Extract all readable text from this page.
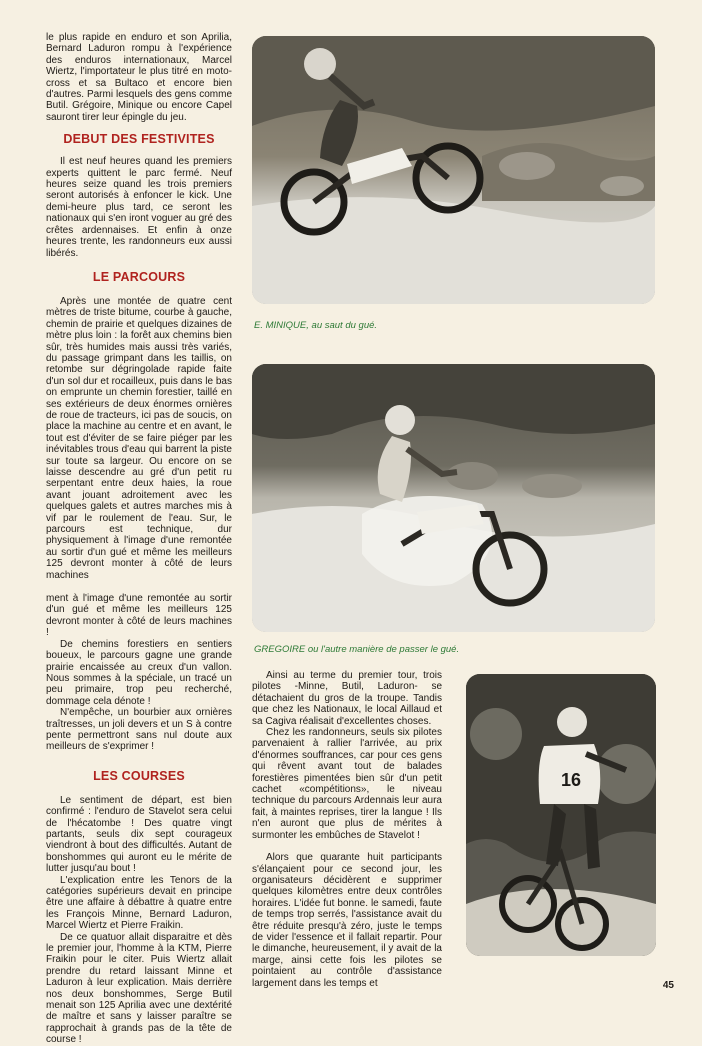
le plus rapide en enduro et son Aprilia, Bernard Laduron rompu à l'expérience des enduros internationaux, Marcel Wiertz, l'importateur le plus titré en moto-cross et sa Bultaco et encore bien d'autres. Parmi lesquels des gens comme Butil. Grégoire, Minique ou encore Capel sauront tirer leur épingle du jeu.

DEBUT DES FESTIVITES

Il est neuf heures quand les premiers experts quittent le parc fermé. Neuf heures seize quand les trois premiers seront autorisés à enfoncer le kick. Une demi-heure plus tard, ce seront les nationaux qui s'en iront voguer au gré des crêtes ardennaises. Et enfin à onze heures trente, les randonneurs eux aussi libérés.

LE PARCOURS

Après une montée de quatre cent mètres de triste bitume, courbe à gauche, chemin de prairie et quelques dizaines de mètre plus loin : la forêt aux chemins bien sûr, très humides mais aussi très variés, du passage grimpant dans les taillis, on retombe sur dégringolade rapide faite d'un sol dur et rocailleux, puis dans le bas on emprunte un chemin forestier, taillé en ses extérieurs de deux énormes ornières de roue de tracteurs, ici pas de soucis, on place la machine au centre et en avant, le tout est d'éviter de se faire piéger par les inévitables trous d'eau qui barrent la piste sur toute sa largeur. Ou encore on se laisse descendre au gré d'un petit ru serpentant entre deux haies, la roue avant jouant adroitement avec les quelques galets et autres marches mis à vif par le roulement de l'eau. Sur, le parcours est technique, dur physiquement à l'image d'une remontée au sortir d'un gué et même les meilleurs 125 devront monter à côté de leurs machines

ment à l'image d'une remontée au sortir d'un gué et même les meilleurs 125 devront monter à côté de leurs machines !

De chemins forestiers en sentiers boueux, le parcours gagne une grande prairie encaissée au creux d'un vallon. Nous sommes à la spéciale, un tracé un peu primaire, trop peu recherché, dommage cela dénote !

N'empêche, un bourbier aux ornières traîtresses, un joli devers et un S à contre pente permettront sans nul doute aux meilleurs de s'exprimer !

LES COURSES

Le sentiment de départ, est bien confirmé : l'enduro de Stavelot sera celui de l'hécatombe ! Des quatre vingt partants, seuls dix sept courageux viendront à bout des difficultés. Autant de bonshommes qui auront eu le mérite de lutter jusqu'au bout !

L'explication entre les Tenors de la catégories supérieurs devait en principe être une affaire à débattre à quatre entre les François Minne, Bernard Laduron, Marcel Wiertz et Pierre Fraikin.

De ce quatuor allait disparaitre et dès le premier jour, l'homme à la KTM, Pierre Fraikin pour le citer. Puis Wiertz allait prendre du retard laissant Minne et Laduron à leur explication. Mais derrière nos deux bonshommes, Serge Butil menait son 125 Aprilia avec une dextérité de maître et sans y laisser paraître se rapprochait à grands pas de la tête de course !

E. MINIQUE, au saut du gué.
GREGOIRE ou l'autre manière de passer le gué.

Ainsi au terme du premier tour, trois pilotes -Minne, Butil, Laduron- se détachaient du gros de la troupe. Tandis que chez les Nationaux, le local Aillaud et sa Cagiva réalisait d'excellentes choses.

Chez les randonneurs, seuls six pilotes parvenaient à rallier l'arrivée, au prix d'énormes souffrances, car pour ces gens qui rêvent avant tout de balades forestières pimentées bien sûr d'un petit cachet «compétitions», le niveau technique du parcours Ardennais leur aura fait, à maintes reprises, tirer la langue ! Ils n'en auront que plus de mérites à surmonter les embûches de Stavelot !

Alors que quarante huit participants s'élançaient pour ce second jour, les organisateurs décidèrent e supprimer quelques kilomètres entre deux contrôles horaires. L'idée fut bonne. le samedi, faute de temps trop serrés, l'assistance avait du être réduite presqu'à zéro, juste le temps de vider l'essence et il fallait repartir. Pour le dimanche, heureusement, il y avait de la marge, ainsi cette fois les pilotes se pointaient au contrôle d'assistance largement dans les temps et

16
45
